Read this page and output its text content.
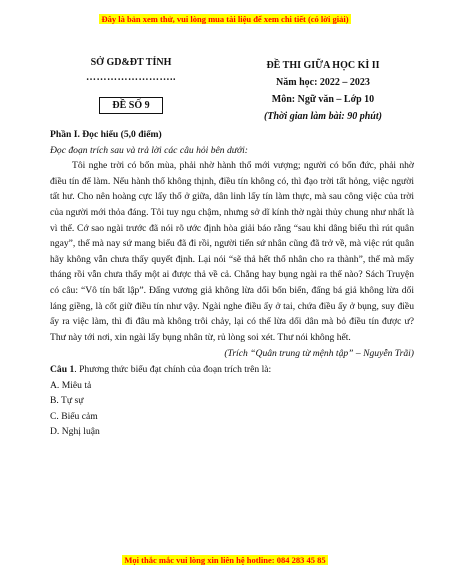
Đây là bản xem thử, vui lòng mua tài liệu để xem chi tiết (có lời giải)
SỞ GD&ĐT TỈNH
……………………..
ĐỀ SỐ 9
ĐỀ THI GIỮA HỌC KÌ II
Năm học: 2022 – 2023
Môn: Ngữ văn – Lớp 10
(Thời gian làm bài: 90 phút)
Phần I. Đọc hiểu (5,0 điểm)
Đọc đoạn trích sau và trả lời các câu hỏi bên dưới:

Tôi nghe trời có bốn mùa, phải nhờ hành thổ mới vượng; người có bốn đức, phải nhờ điều tín để làm. Nếu hành thổ không thịnh, điều tín không có, thì đạo trời tất hỏng, việc người tất hư. Cho nên hoàng cực lấy thổ ở giữa, dân linh lấy tín làm thực, mà sau công việc của trời của người mới thỏa đáng. Tôi tuy ngu chậm, nhưng sở dĩ kính thờ ngài thủy chung như nhất là vì thế. Cớ sao ngài trước đã nói rõ ước định hòa giải báo rằng “sau khi dâng biểu thì rút quân ngay”, thế mà nay sứ mang biểu đã đi rồi, người tiến sứ nhân cũng đã trở về, mà việc rút quân hãy không vẫn chưa thấy quyết định. Lại nói “sẽ thả hết thổ nhân cho ra thành”, thế mà mấy tháng rồi vẫn chưa thấy một ai được thả về cả. Chẳng hay bụng ngài ra thế nào? Sách Truyện có câu: “Vô tín bất lập”. Đấng vương giả không lừa dối bốn biển, đấng bá giả không lừa dối láng giềng, là cốt giữ điều tín như vậy. Ngài nghe điều ấy ở tai, chứa điều ấy ở bụng, suy điều ấy ra việc làm, thì đi đâu mà không trôi chảy, lại có thể lừa dối dân mà bỏ điều tín được ư? Thư này tới nơi, xin ngài lấy bụng nhân từ, rủ lòng soi xét. Thư nói không hết.

(Trích “Quân trung từ mệnh tập” – Nguyễn Trãi)
Câu 1. Phương thức biểu đạt chính của đoạn trích trên là:
A. Miêu tả
B. Tự sự
C. Biểu cảm
D. Nghị luận
Mọi thắc mắc vui lòng xin liên hệ hotline: 084 283 45 85
